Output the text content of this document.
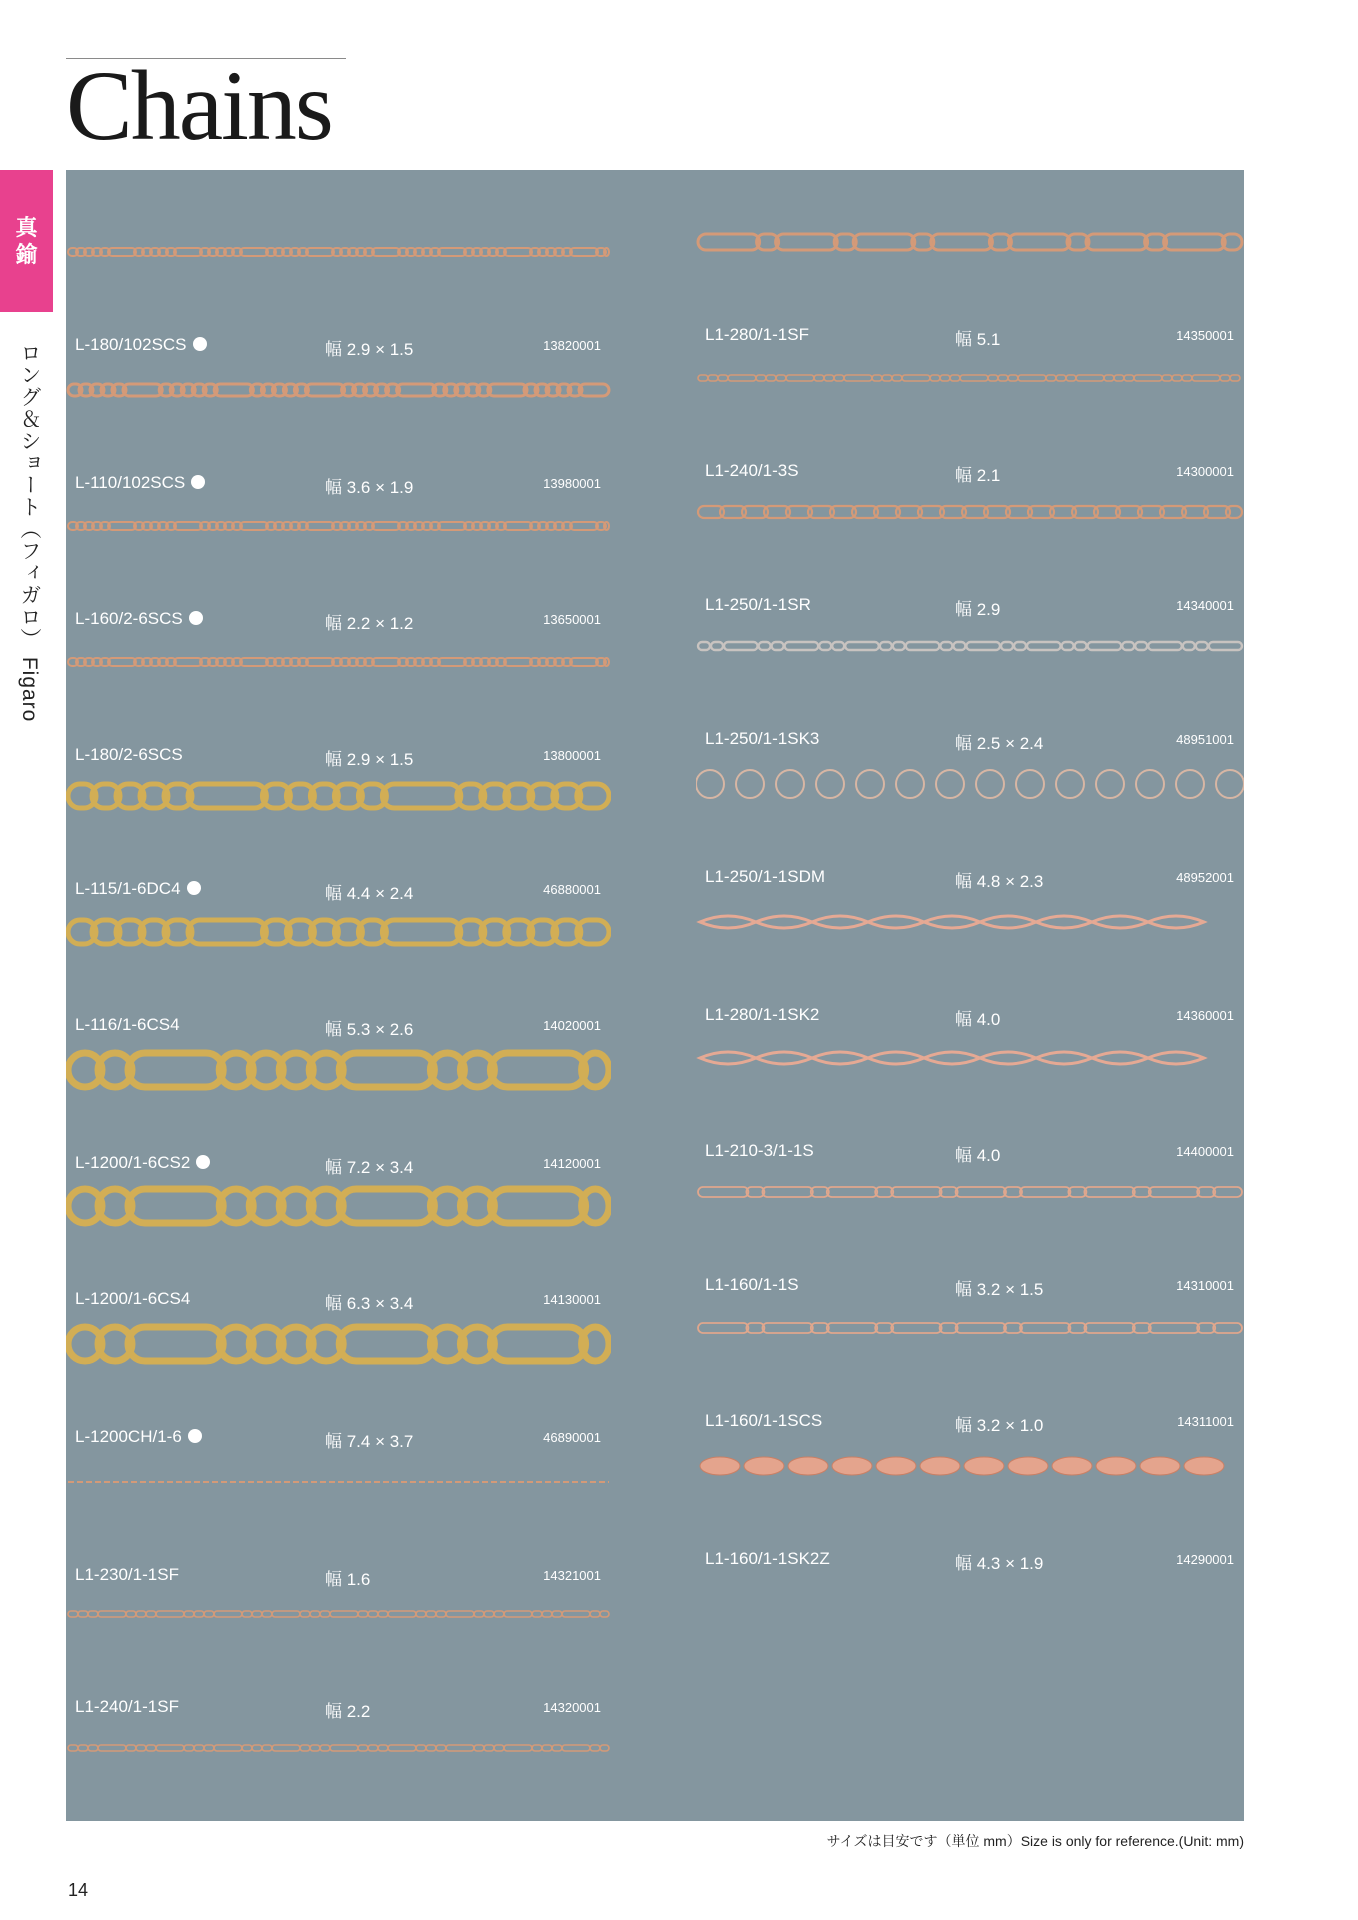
Chains
真
鍮
ロング＆ショート（フィガロ） Figaro L-180/102SCS	幅 2.9 × 1.5	13820001
L-110/102SCS	幅 3.6 × 1.9	13980001
L-160/2-6SCS	幅 2.2 × 1.2	13650001
L-180/2-6SCS	幅 2.9 × 1.5	13800001
L-115/1-6DC4	幅 4.4 × 2.4	46880001
L-116/1-6CS4	幅 5.3 × 2.6	14020001
L-1200/1-6CS2	幅 7.2 × 3.4	14120001
L-1200/1-6CS4	幅 6.3 × 3.4	14130001
L-1200CH/1-6	幅 7.4 × 3.7	46890001
L1-230/1-1SF	幅 1.6	14321001
L1-240/1-1SF	幅 2.2	14320001
L1-250/1-1SF	幅 3.1	14330001
L1-280/1-1SF	幅 5.1	14350001
L1-240/1-3S	幅 2.1	14300001
L1-250/1-1SR	幅 2.9	14340001
L1-250/1-1SK3	幅 2.5 × 2.4	48951001
L1-250/1-1SDM	幅 4.8 × 2.3	48952001
L1-280/1-1SK2	幅 4.0	14360001
L1-210-3/1-1S	幅 4.0	14400001
L1-160/1-1S	幅 3.2 × 1.5	14310001
L1-160/1-1SCS	幅 3.2 × 1.0	14311001
L1-160/1-1SK2Z	幅 4.3 × 1.9	14290001
サイズは目安です（単位 mm）Size is only for reference.(Unit: mm)
14
